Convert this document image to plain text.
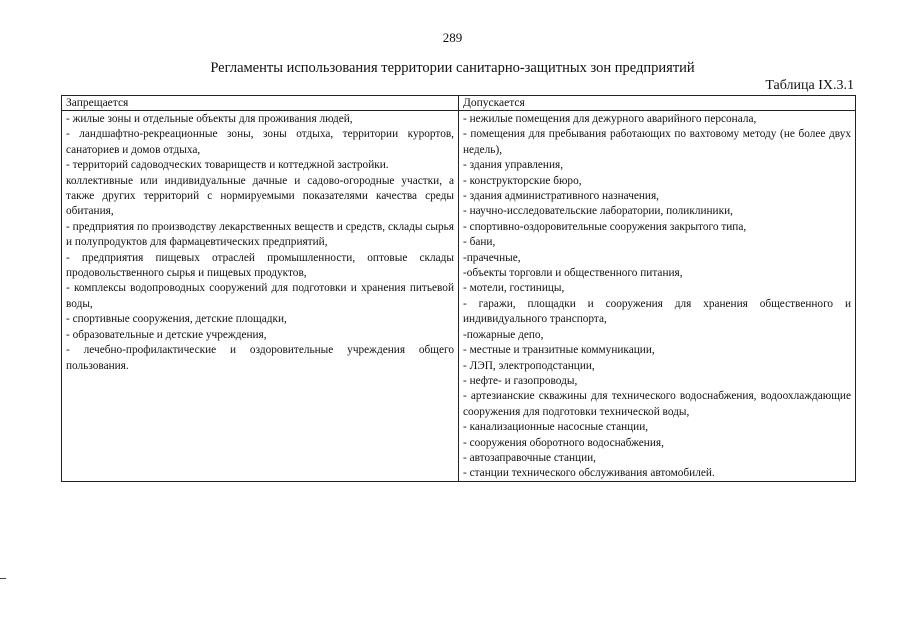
289
Регламенты использования территории санитарно-защитных зон предприятий
Таблица IX.3.1
Запрещается

- жилые зоны и отдельные объекты для проживания людей,

- ландшафтно-рекреационные зоны, зоны отдыха, территории курортов, санаториев и домов отдыха,

- территорий садоводческих товариществ и коттеджной застройки.

коллективные или индивидуальные дачные и садово-огородные участки, а также других территорий с нормируемыми показателями качества среды обитания,

- предприятия по производству лекарственных веществ и средств, склады сырья и полупродуктов для фармацевтических предприятий,

- предприятия пищевых отраслей промышленности, оптовые склады продовольственного сырья и пищевых продуктов,

- комплексы водопроводных сооружений для подготовки и хранения питьевой воды,

- спортивные сооружения, детские площадки,

- образовательные и детские учреждения,

- лечебно-профилактические и оздоровительные учреждения общего пользования.

Допускается

- нежилые помещения для дежурного аварийного персонала,

- помещения для пребывания работающих по вахтовому методу (не более двух недель),

- здания управления,

- конструкторские бюро,

- здания административного назначения,

- научно-исследовательские лаборатории, поликлиники,

- спортивно-оздоровительные сооружения закрытого типа,

- бани,

-прачечные,

-объекты торговли и общественного питания,

- мотели, гостиницы,

- гаражи, площадки и сооружения для хранения общественного и индивидуального транспорта,

-пожарные депо,

- местные и транзитные коммуникации,

- ЛЭП, электроподстанции,

- нефте- и газопроводы,

- артезианские скважины для технического водоснабжения, водоохлаждающие сооружения для подготовки технической воды,

- канализационные насосные станции,

- сооружения оборотного водоснабжения,

- автозаправочные станции,

- станции технического обслуживания автомобилей.
